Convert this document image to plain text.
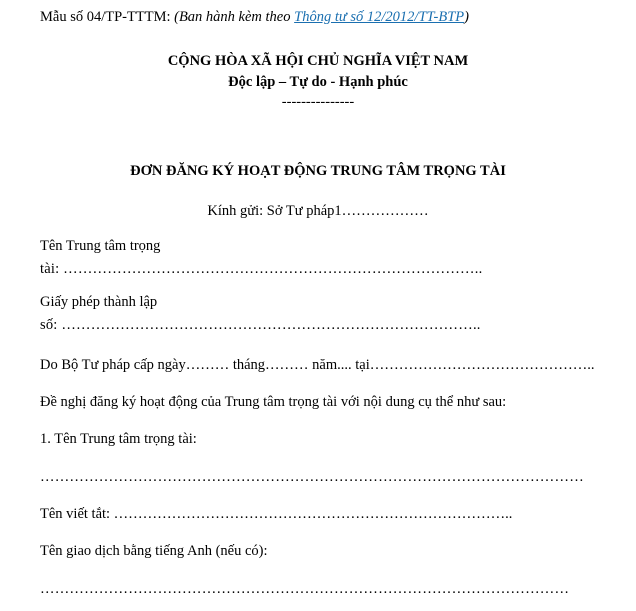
Mẫu số 04/TP-TTTM: (Ban hành kèm theo Thông tư số 12/2012/TT-BTP)
CỘNG HÒA XÃ HỘI CHỦ NGHĨA VIỆT NAM
Độc lập – Tự do - Hạnh phúc
---------------
ĐƠN ĐĂNG KÝ HOẠT ĐỘNG TRUNG TÂM TRỌNG TÀI
Kính gửi: Sở Tư pháp1………………
Tên Trung tâm trọng
tài: …………………………………………………………………………..
Giấy phép thành lập
số: …………………………………………………………………………..
Do Bộ Tư pháp cấp ngày……… tháng……… năm.... tại………………………………………..
Đề nghị đăng ký hoạt động của Trung tâm trọng tài với nội dung cụ thể như sau:
1. Tên Trung tâm trọng tài:
…………………………………………………………………………………………………
Tên viết tắt: ………………………………………………………………………..
Tên giao dịch bằng tiếng Anh (nếu có):
………………………………………………………………………………………………
